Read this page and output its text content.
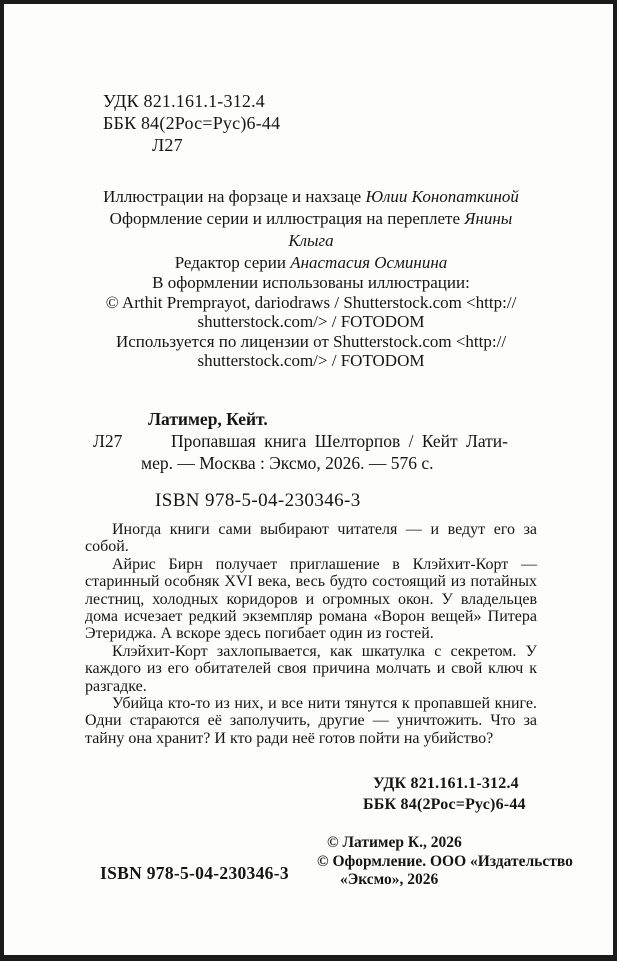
УДК 821.161.1-312.4
ББК 84(2Рос=Рус)6-44
Л27
Иллюстрации на форзаце и нахзаце Юлии Конопаткиной
Оформление серии и иллюстрация на переплете Янины Клыга
Редактор серии Анастасия Осминина
В оформлении использованы иллюстрации:
© Arthit Premprayot, dariodraws / Shutterstock.com <http://
shutterstock.com/> / FOTODOM
Используется по лицензии от Shutterstock.com <http://
shutterstock.com/> / FOTODOM
Латимер, Кейт.
Л27	Пропавшая книга Шелторпов / Кейт Лати-
мер. — Москва : Эксмо, 2026. — 576 с.
ISBN 978-5-04-230346-3

Иногда книги сами выбирают читателя — и ведут его за собой.

Айрис Бирн получает приглашение в Клэйхит-Корт — старинный особняк XVI века, весь будто состоящий из потайных лестниц, холодных коридоров и огромных окон. У владельцев дома исчезает редкий экземпляр романа «Ворон вещей» Питера Этериджа. А вскоре здесь погибает один из гостей.

Клэйхит-Корт захлопывается, как шкатулка с секретом. У каждого из его обитателей своя причина молчать и свой ключ к разгадке.

Убийца кто-то из них, и все нити тянутся к пропавшей книге. Одни стараются её заполучить, другие — уничтожить. Что за тайну она хранит? И кто ради неё готов пойти на убийство?

УДК 821.161.1-312.4
ББК 84(2Рос=Рус)6-44
ISBN 978-5-04-230346-3
© Латимер К., 2026
© Оформление. ООО «Издательство
«Эксмо», 2026
